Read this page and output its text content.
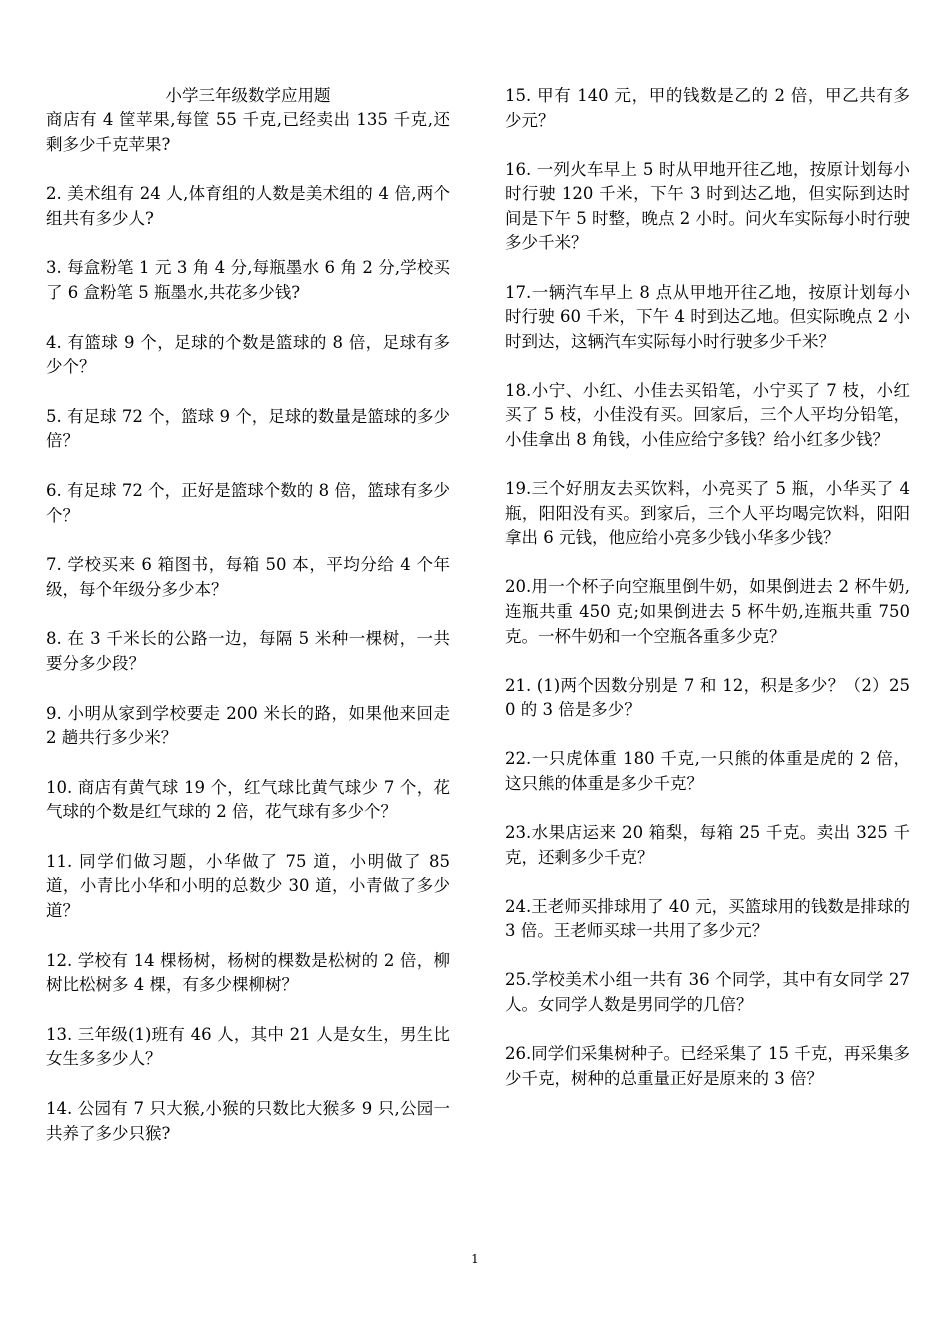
小学三年级数学应用题

商店有 4 筐苹果,每筐 55 千克,已经卖出 135 千克,还剩多少千克苹果?

2. 美术组有 24 人,体育组的人数是美术组的 4 倍,两个组共有多少人?

3. 每盒粉笔 1 元 3 角 4 分,每瓶墨水 6 角 2 分,学校买了 6 盒粉笔 5 瓶墨水,共花多少钱?

4. 有篮球 9 个，足球的个数是篮球的 8 倍，足球有多少个？

5. 有足球 72 个，篮球 9 个，足球的数量是篮球的多少倍？

6. 有足球 72 个，正好是篮球个数的 8 倍，篮球有多少个？

7. 学校买来 6 箱图书，每箱 50 本，平均分给 4 个年级，每个年级分多少本？

8. 在 3 千米长的公路一边，每隔 5 米种一棵树，一共要分多少段？

9. 小明从家到学校要走 200 米长的路，如果他来回走 2 趟共行多少米？

10. 商店有黄气球 19 个，红气球比黄气球少 7 个，花气球的个数是红气球的 2 倍，花气球有多少个？

11. 同学们做习题，小华做了 75 道，小明做了 85 道，小青比小华和小明的总数少 30 道，小青做了多少道？

12. 学校有 14 棵杨树，杨树的棵数是松树的 2 倍，柳树比松树多 4 棵，有多少棵柳树？

13. 三年级(1)班有 46 人，其中 21 人是女生，男生比女生多多少人？

14. 公园有 7 只大猴,小猴的只数比大猴多 9 只,公园一共养了多少只猴?

15. 甲有 140 元，甲的钱数是乙的 2 倍，甲乙共有多少元？

16. 一列火车早上 5 时从甲地开往乙地，按原计划每小时行驶 120 千米，下午 3 时到达乙地，但实际到达时间是下午 5 时整，晚点 2 小时。问火车实际每小时行驶多少千米？

17.一辆汽车早上 8 点从甲地开往乙地，按原计划每小时行驶 60 千米，下午 4 时到达乙地。但实际晚点 2 小时到达，这辆汽车实际每小时行驶多少千米？

18.小宁、小红、小佳去买铅笔，小宁买了 7 枝，小红买了 5 枝，小佳没有买。回家后，三个人平均分铅笔，小佳拿出 8 角钱，小佳应给宁多钱？给小红多少钱？

19.三个好朋友去买饮料，小亮买了 5 瓶，小华买了 4 瓶，阳阳没有买。到家后，三个人平均喝完饮料，阳阳拿出 6 元钱，他应给小亮多少钱小华多少钱？

20.用一个杯子向空瓶里倒牛奶，如果倒进去 2 杯牛奶,连瓶共重 450 克;如果倒进去 5 杯牛奶,连瓶共重 750 克。一杯牛奶和一个空瓶各重多少克？

21. (1)两个因数分别是 7 和 12，积是多少？（2）250 的 3 倍是多少？

22.一只虎体重 180 千克,一只熊的体重是虎的 2 倍，这只熊的体重是多少千克？

23.水果店运来 20 箱梨，每箱 25 千克。卖出 325 千克，还剩多少千克？

24.王老师买排球用了 40 元，买篮球用的钱数是排球的 3 倍。王老师买球一共用了多少元？

25.学校美术小组一共有 36 个同学，其中有女同学 27 人。女同学人数是男同学的几倍？

26.同学们采集树种子。已经采集了 15 千克，再采集多少千克，树种的总重量正好是原来的 3 倍？

1
